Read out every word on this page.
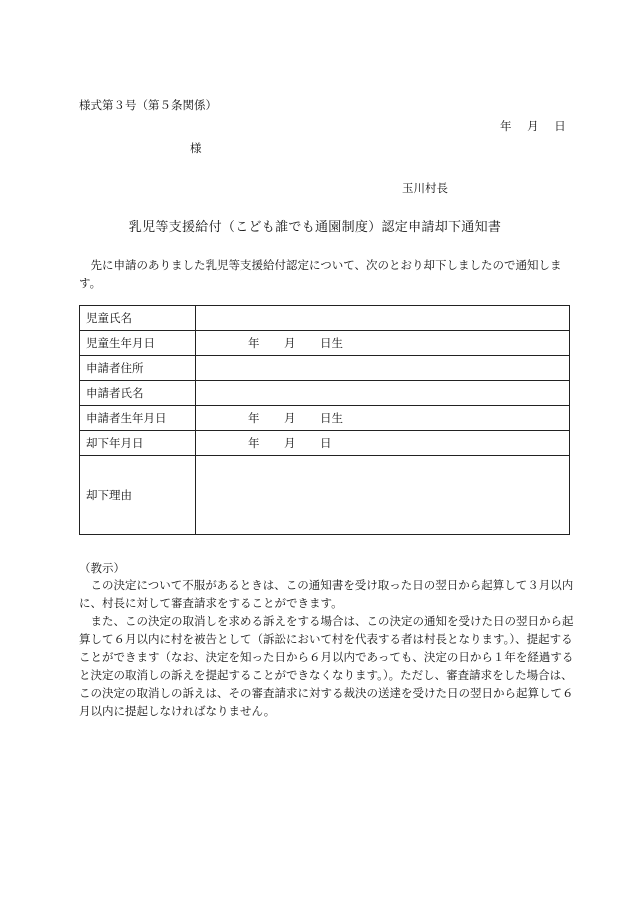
様式第３号（第５条関係）
年 月 日
様
玉川村長
乳児等支援給付（こども誰でも通園制度）認定申請却下通知書

先に申請のありました乳児等支援給付認定について、次のとおり却下しましたので通知します。

児童氏名	
児童生年月日	年 月 日生
申請者住所	
申請者氏名	
申請者生年月日	年 月 日生
却下年月日	年 月 日
却下理由	
（教示）

この決定について不服があるときは、この通知書を受け取った日の翌日から起算して３月以内に、村長に対して審査請求をすることができます。

また、この決定の取消しを求める訴えをする場合は、この決定の通知を受けた日の翌日から起算して６月以内に村を被告として（訴訟において村を代表する者は村長となります。）、提起することができます（なお、決定を知った日から６月以内であっても、決定の日から１年を経過すると決定の取消しの訴えを提起することができなくなります。）。ただし、審査請求をした場合は、この決定の取消しの訴えは、その審査請求に対する裁決の送達を受けた日の翌日から起算して６月以内に提起しなければなりません。
